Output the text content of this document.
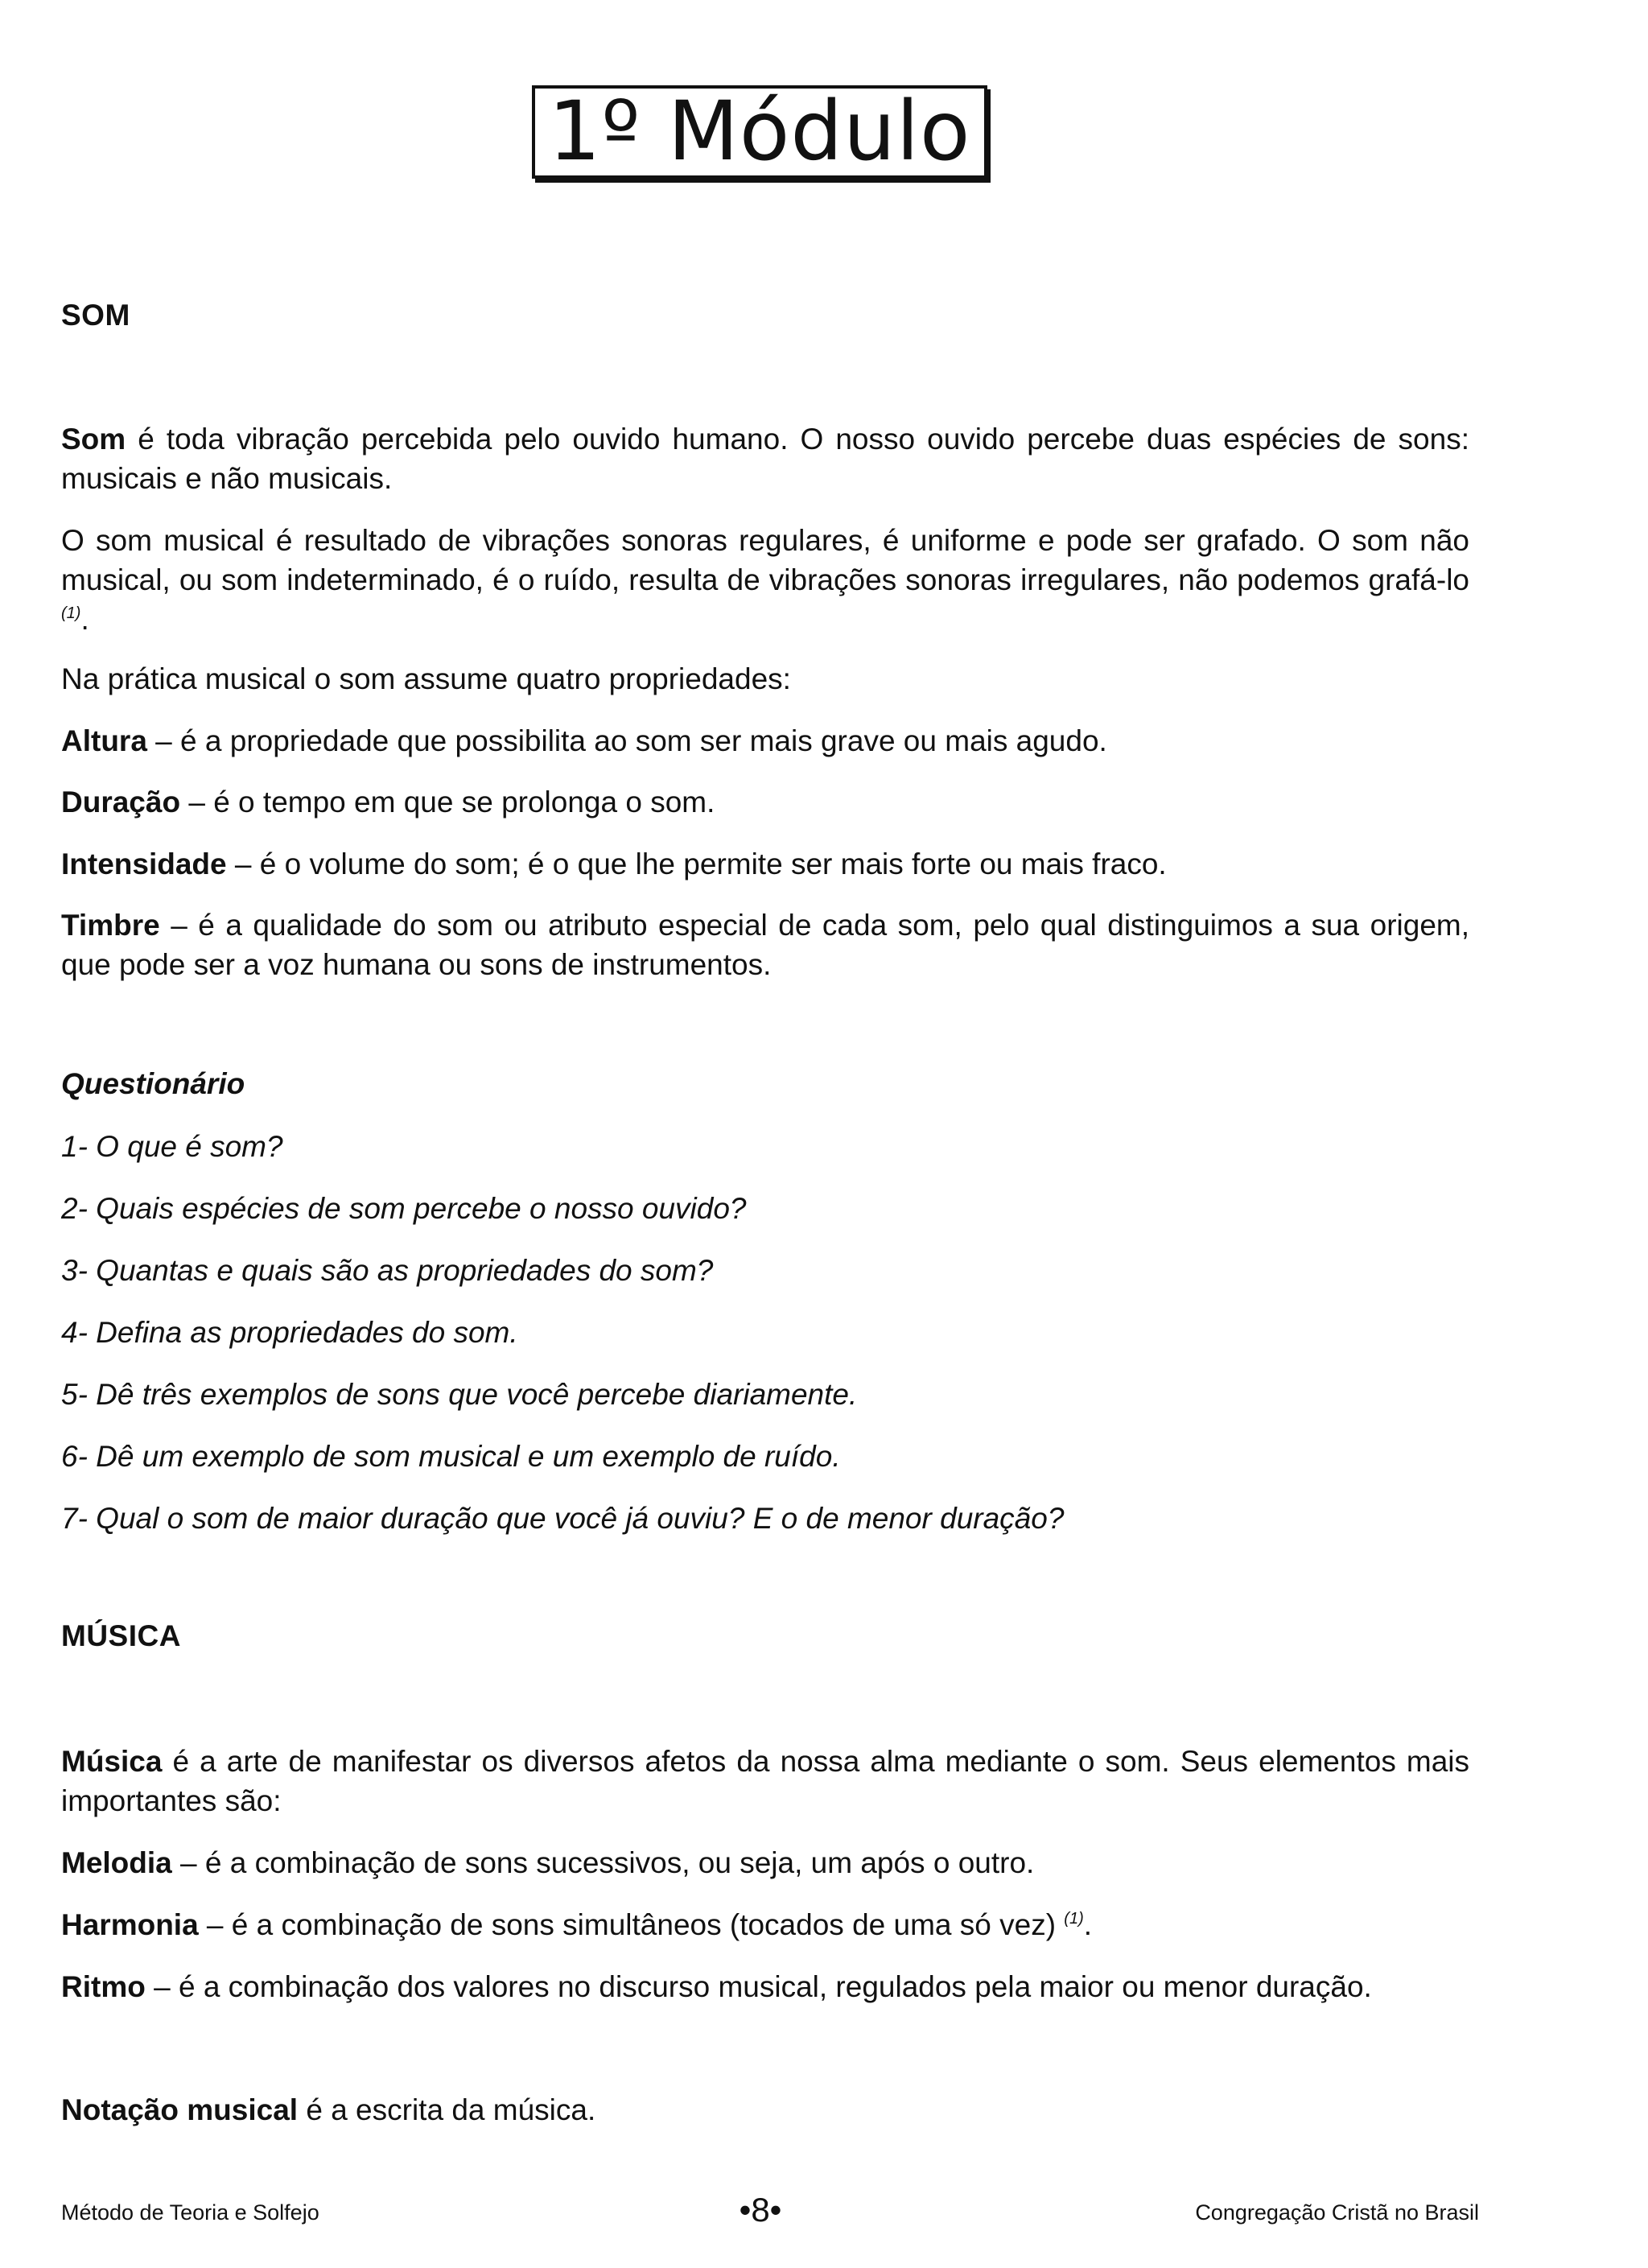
1º Módulo
SOM
Som é toda vibração percebida pelo ouvido humano. O nosso ouvido percebe duas espécies de sons: musicais e não musicais.
O som musical é resultado de vibrações sonoras regulares, é uniforme e pode ser grafado. O som não musical, ou som indeterminado, é o ruído, resulta de vibrações sonoras irregulares, não podemos grafá-lo $^{(1)}$.
Na prática musical o som assume quatro propriedades:
Altura – é a propriedade que possibilita ao som ser mais grave ou mais agudo.
Duração – é o tempo em que se prolonga o som.
Intensidade – é o volume do som; é o que lhe permite ser mais forte ou mais fraco.
Timbre – é a qualidade do som ou atributo especial de cada som, pelo qual distinguimos a sua origem, que pode ser a voz humana ou sons de instrumentos.
Questionário
1- O que é som?
2- Quais espécies de som percebe o nosso ouvido?
3- Quantas e quais são as propriedades do som?
4- Defina as propriedades do som.
5- Dê três exemplos de sons que você percebe diariamente.
6- Dê um exemplo de som musical e um exemplo de ruído.
7- Qual o som de maior duração que você já ouviu? E o de menor duração?
MÚSICA
Música é a arte de manifestar os diversos afetos da nossa alma mediante o som. Seus elementos mais importantes são:
Melodia – é a combinação de sons sucessivos, ou seja, um após o outro.
Harmonia – é a combinação de sons simultâneos (tocados de uma só vez) $^{(1)}$.
Ritmo – é a combinação dos valores no discurso musical, regulados pela maior ou menor duração.
Notação musical é a escrita da música.
Método de Teoria e Solfejo	•8•	Congregação Cristã no Brasil
